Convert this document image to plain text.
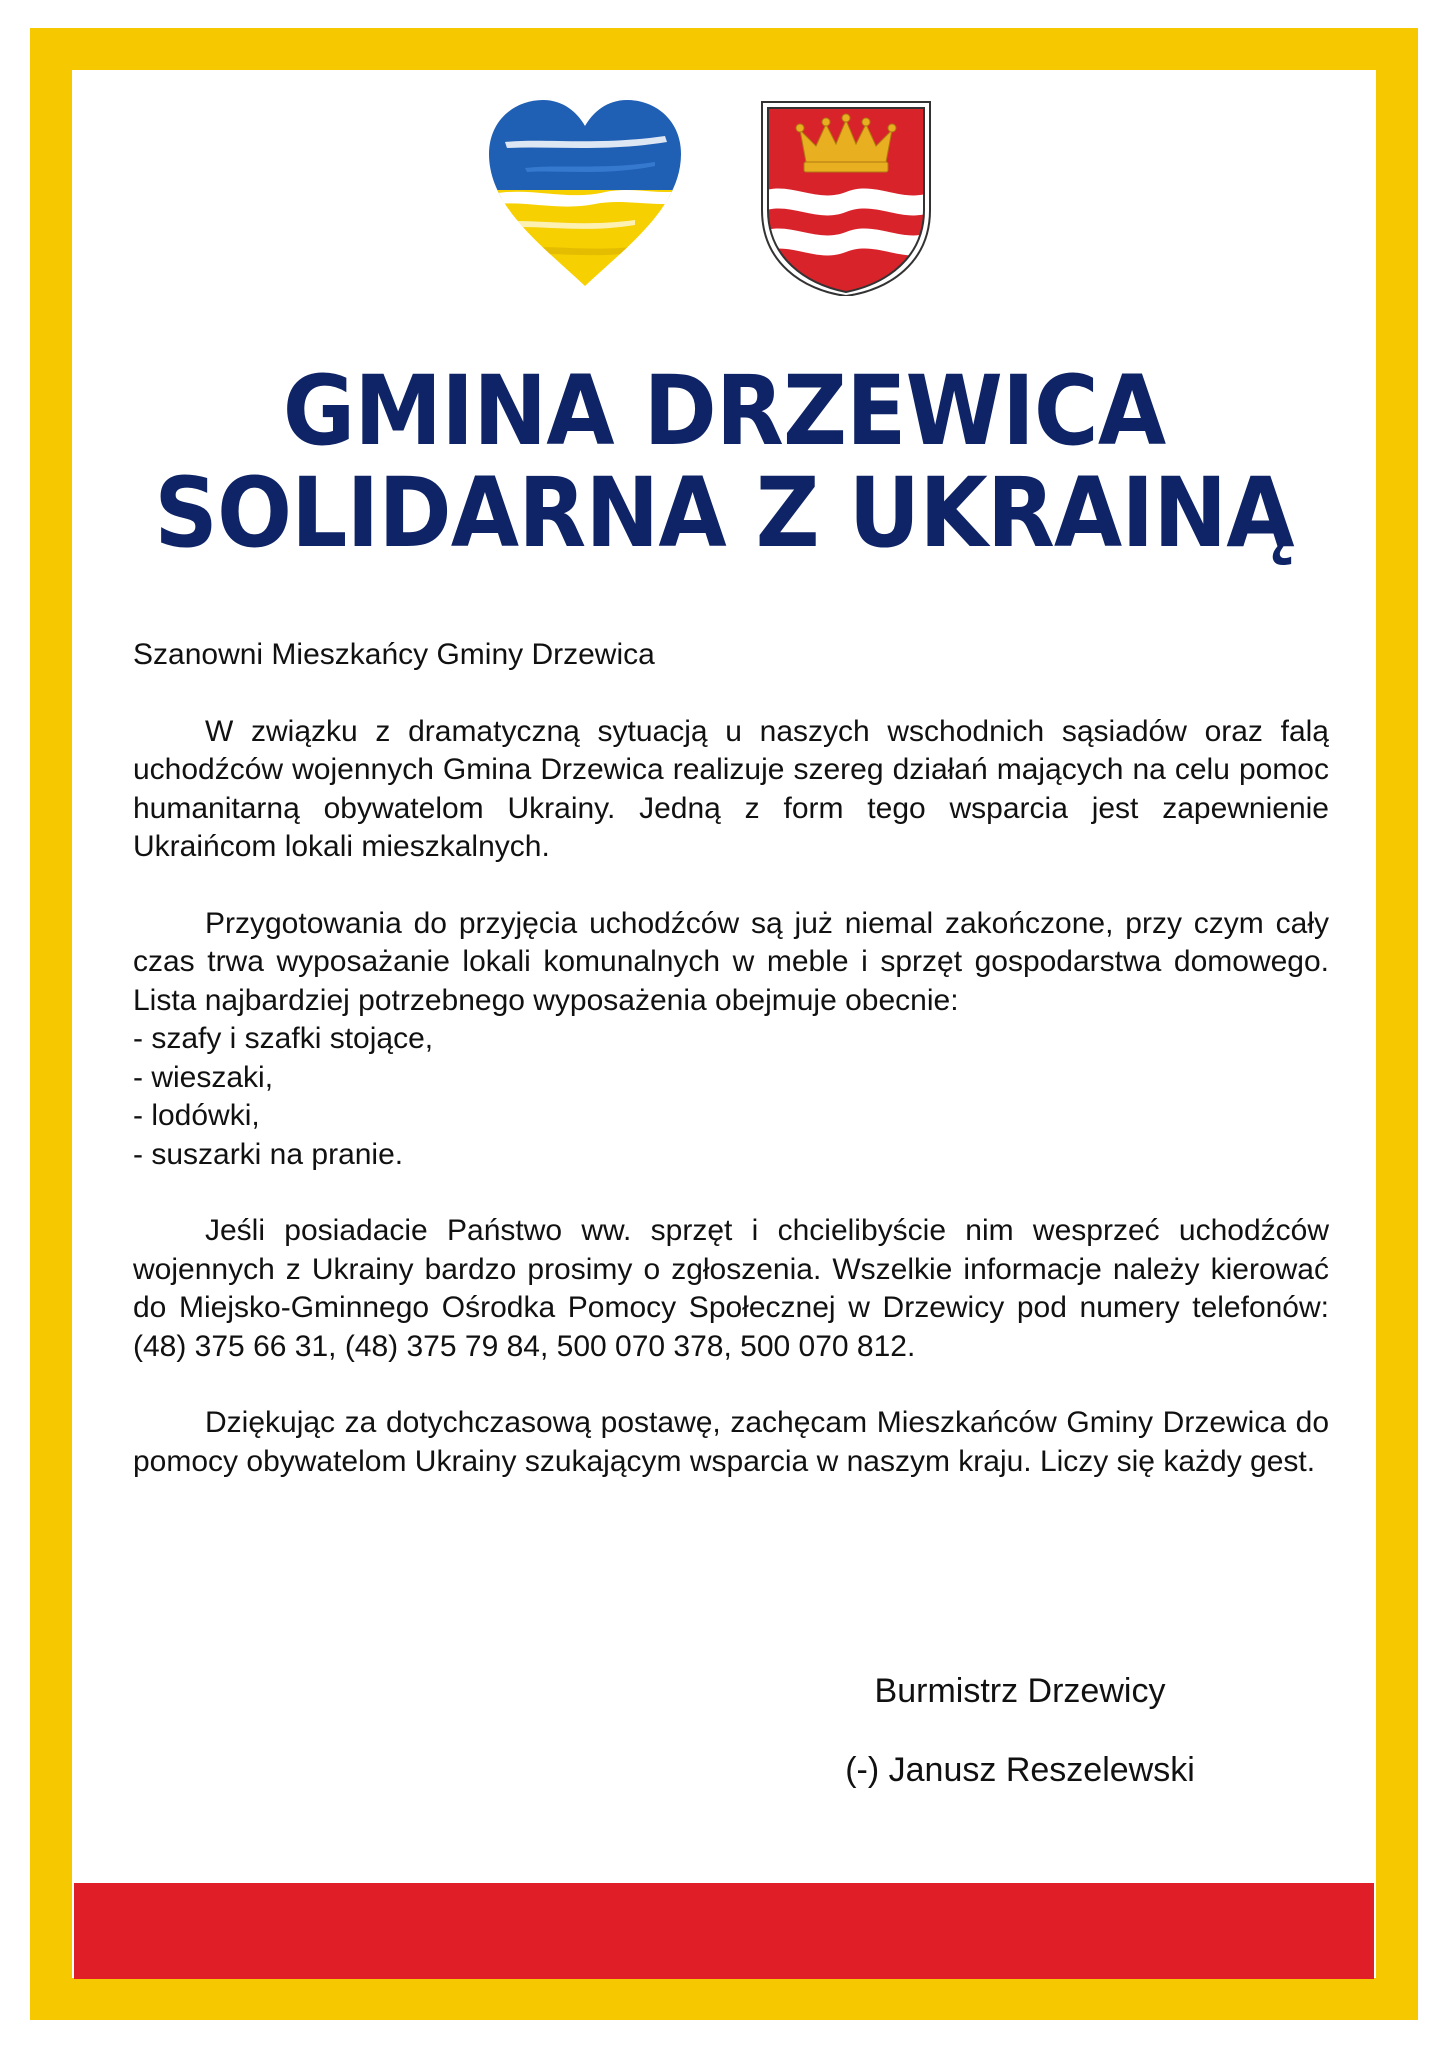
GMINA DRZEWICA
SOLIDARNA Z UKRAINĄ

Szanowni Mieszkańcy Gminy Drzewica

W związku z dramatyczną sytuacją u naszych wschodnich sąsiadów oraz falą uchodźców wojennych Gmina Drzewica realizuje szereg działań mających na celu pomoc humanitarną obywatelom Ukrainy. Jedną z form tego wsparcia jest zapewnienie Ukraińcom lokali mieszkalnych.

Przygotowania do przyjęcia uchodźców są już niemal zakończone, przy czym cały czas trwa wyposażanie lokali komunalnych w meble i sprzęt gospodarstwa domowego. Lista najbardziej potrzebnego wyposażenia obejmuje obecnie:

- szafy i szafki stojące,

- wieszaki,

- lodówki,

- suszarki na pranie.

Jeśli posiadacie Państwo ww. sprzęt i chcielibyście nim wesprzeć uchodźców wojennych z Ukrainy bardzo prosimy o zgłoszenia. Wszelkie informacje należy kierować do Miejsko-Gminnego Ośrodka Pomocy Społecznej w Drzewicy pod numery telefonów: (48) 375 66 31, (48) 375 79 84, 500 070 378, 500 070 812.

Dziękując za dotychczasową postawę, zachęcam Mieszkańców Gminy Drzewica do pomocy obywatelom Ukrainy szukającym wsparcia w naszym kraju. Liczy się każdy gest.

Burmistrz Drzewicy

(-) Janusz Reszelewski
